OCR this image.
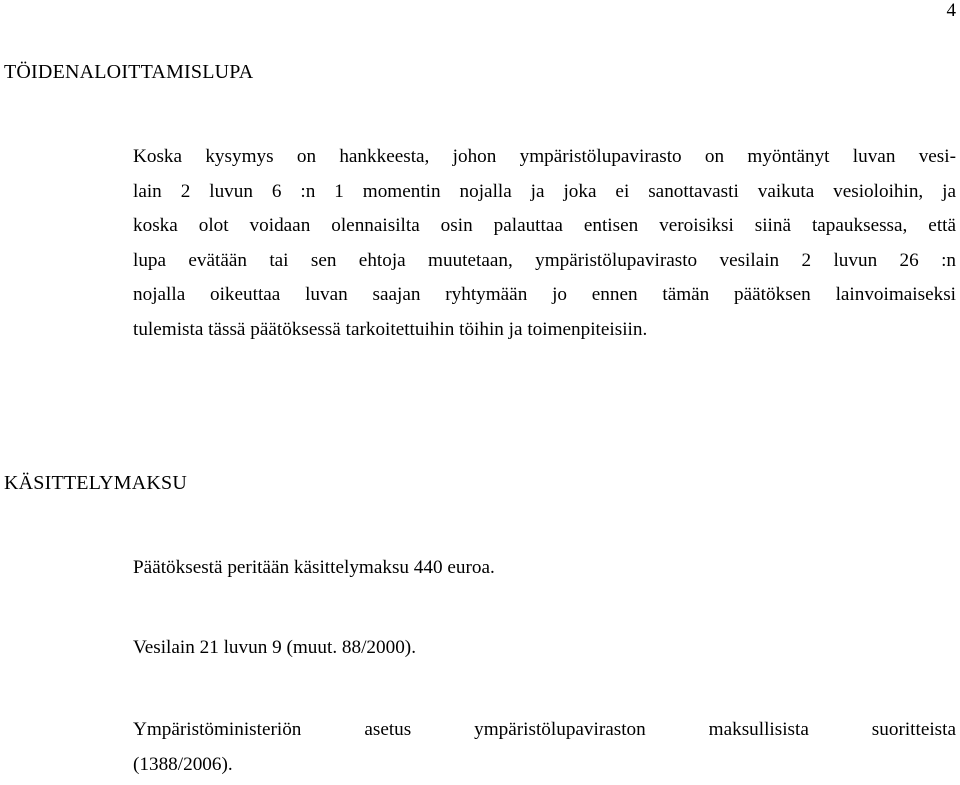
4
TÖIDENALOITTAMISLUPA
Koska kysymys on hankkeesta, johon ympäristölupavirasto on myöntänyt luvan vesi-
lain 2 luvun 6 :n 1 momentin nojalla ja joka ei sanottavasti vaikuta vesioloihin, ja
koska olot voidaan olennaisilta osin palauttaa entisen veroisiksi siinä tapauksessa, että
lupa evätään tai sen ehtoja muutetaan, ympäristölupavirasto vesilain 2 luvun 26 :n
nojalla oikeuttaa luvan saajan ryhtymään jo ennen tämän päätöksen lainvoimaiseksi
tulemista tässä päätöksessä tarkoitettuihin töihin ja toimenpiteisiin.
KÄSITTELYMAKSU
Päätöksestä peritään käsittelymaksu 440 euroa.
Vesilain 21 luvun 9 (muut. 88/2000).
Ympäristöministeriön asetus ympäristölupaviraston maksullisista suoritteista
(1388/2006).
